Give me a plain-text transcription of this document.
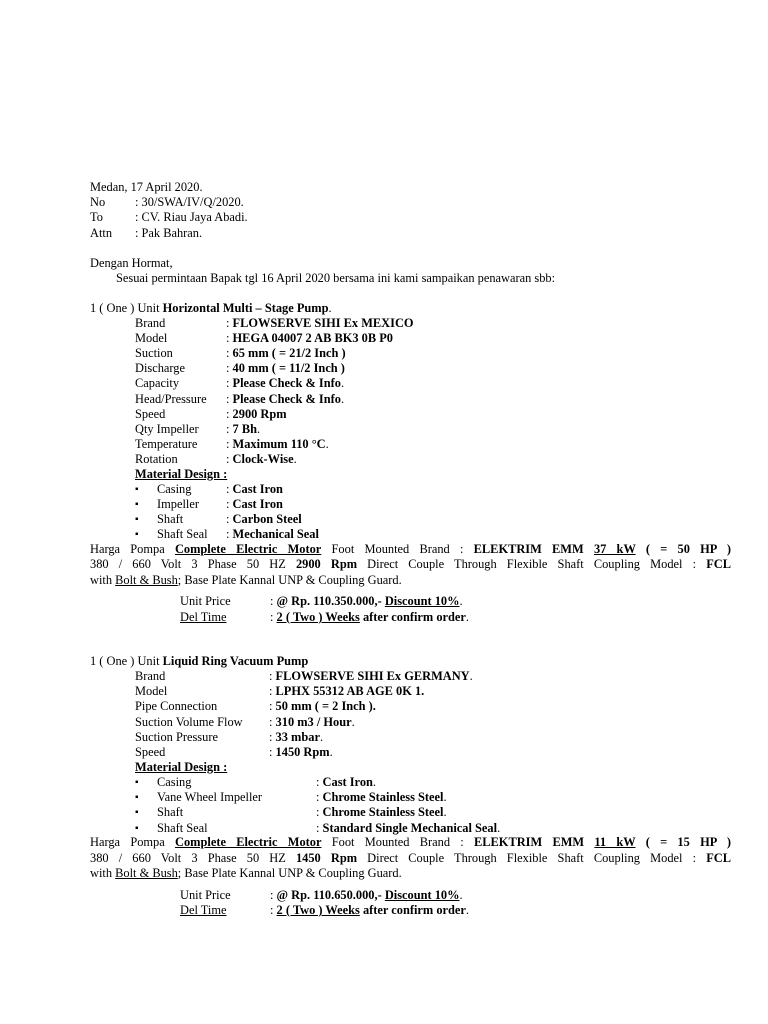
Medan, 17 April 2020.
No : 30/SWA/IV/Q/2020.
To	: CV. Riau Jaya Abadi.
Attn : Pak Bahran.
Dengan Hormat,
Sesuai permintaan Bapak tgl 16 April 2020 bersama ini kami sampaikan penawaran sbb:
1 ( One ) Unit Horizontal Multi – Stage Pump.
Brand	: FLOWSERVE SIHI Ex MEXICO
Model	: HEGA 04007 2 AB BK3 0B P0
Suction	: 65 mm ( = 21/2 Inch )
Discharge	: 40 mm ( = 11/2 Inch )
Capacity	: Please Check & Info.
Head/Pressure : Please Check & Info.
Speed	: 2900 Rpm
Qty Impeller : 7 Bh.
Temperature : Maximum 110 °C.
Rotation	: Clock-Wise.
Material Design :
▪ Casing	: Cast Iron
▪ Impeller : Cast Iron
▪ Shaft	: Carbon Steel
▪ Shaft Seal : Mechanical Seal
Harga Pompa Complete Electric Motor Foot Mounted Brand : ELEKTRIM EMM 37 kW ( = 50 HP )
380 / 660 Volt 3 Phase 50 HZ 2900 Rpm Direct Couple Through Flexible Shaft Coupling Model : FCL
with Bolt & Bush; Base Plate Kannal UNP & Coupling Guard.
Unit Price	: @ Rp. 110.350.000,- Discount 10%.
Del Time	: 2 ( Two ) Weeks after confirm order.
1 ( One ) Unit Liquid Ring Vacuum Pump
Brand	: FLOWSERVE SIHI Ex GERMANY.
Model	: LPHX 55312 AB AGE 0K 1.
Pipe Connection	: 50 mm ( = 2 Inch ).
Suction Volume Flow : 310 m3 / Hour.
Suction Pressure	: 33 mbar.
Speed	: 1450 Rpm.
Material Design :
▪ Casing	: Cast Iron.
▪ Vane Wheel Impeller	: Chrome Stainless Steel.
▪ Shaft	: Chrome Stainless Steel.
▪ Shaft Seal	: Standard Single Mechanical Seal.
Harga Pompa Complete Electric Motor Foot Mounted Brand : ELEKTRIM EMM 11 kW ( = 15 HP )
380 / 660 Volt 3 Phase 50 HZ 1450 Rpm Direct Couple Through Flexible Shaft Coupling Model : FCL
with Bolt & Bush; Base Plate Kannal UNP & Coupling Guard.
Unit Price	: @ Rp. 110.650.000,- Discount 10%.
Del Time	: 2 ( Two ) Weeks after confirm order.
